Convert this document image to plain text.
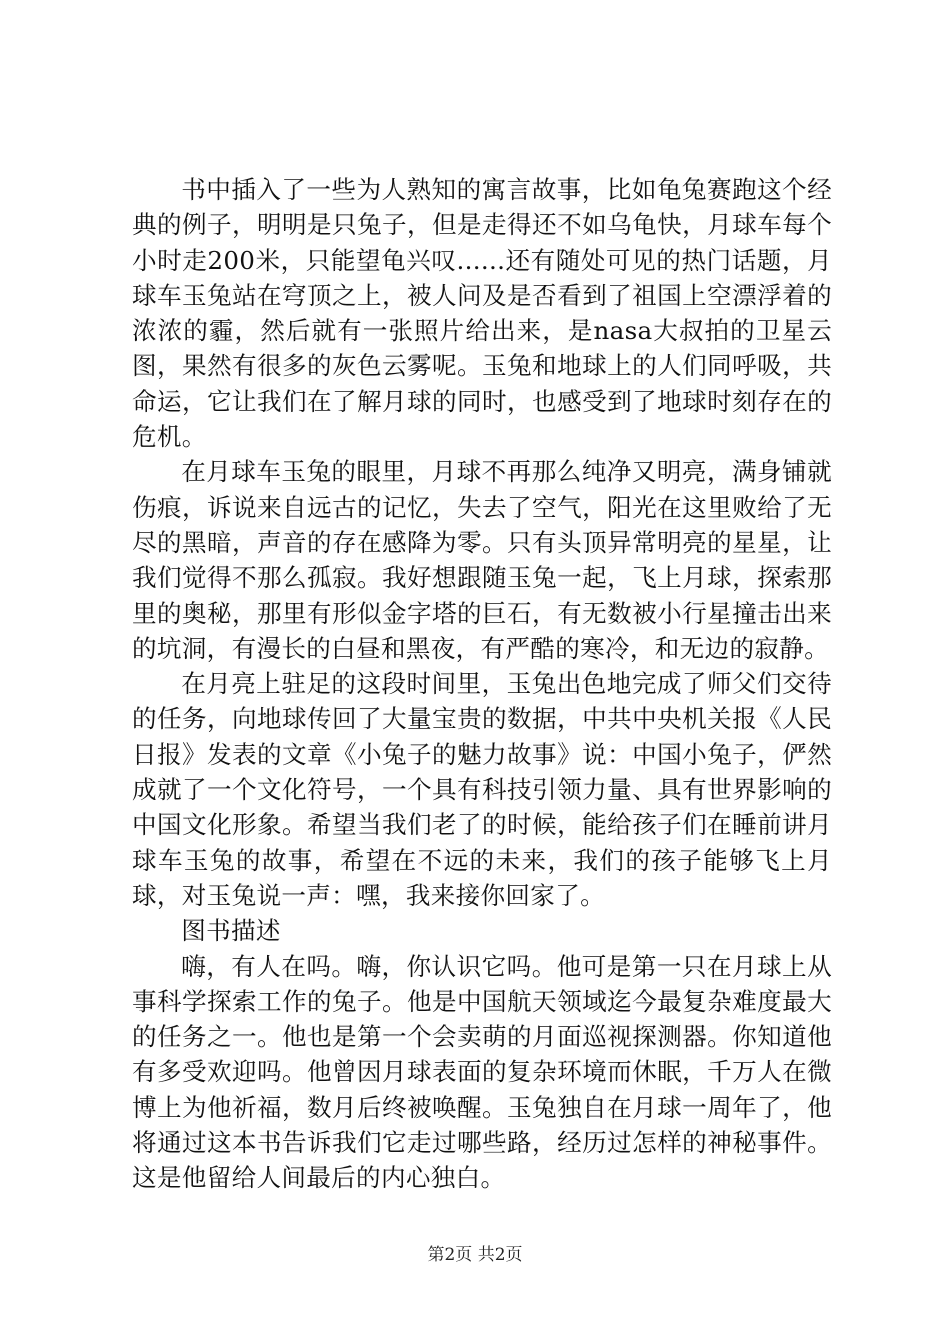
书中插入了一些为人熟知的寓言故事，比如龟兔赛跑这个经典的例子，明明是只兔子，但是走得还不如乌龟快，月球车每个小时走200米，只能望龟兴叹......还有随处可见的热门话题，月球车玉兔站在穹顶之上，被人问及是否看到了祖国上空漂浮着的浓浓的霾，然后就有一张照片给出来，是nasa大叔拍的卫星云图，果然有很多的灰色云雾呢。玉兔和地球上的人们同呼吸，共命运，它让我们在了解月球的同时，也感受到了地球时刻存在的危机。

在月球车玉兔的眼里，月球不再那么纯净又明亮，满身铺就伤痕，诉说来自远古的记忆，失去了空气，阳光在这里败给了无尽的黑暗，声音的存在感降为零。只有头顶异常明亮的星星，让我们觉得不那么孤寂。我好想跟随玉兔一起，飞上月球，探索那里的奥秘，那里有形似金字塔的巨石，有无数被小行星撞击出来的坑洞，有漫长的白昼和黑夜，有严酷的寒冷，和无边的寂静。

在月亮上驻足的这段时间里，玉兔出色地完成了师父们交待的任务，向地球传回了大量宝贵的数据，中共中央机关报《人民日报》发表的文章《小兔子的魅力故事》说：中国小兔子，俨然成就了一个文化符号，一个具有科技引领力量、具有世界影响的中国文化形象。希望当我们老了的时候，能给孩子们在睡前讲月球车玉兔的故事，希望在不远的未来，我们的孩子能够飞上月球，对玉兔说一声：嘿，我来接你回家了。

图书描述

嗨，有人在吗。嗨，你认识它吗。他可是第一只在月球上从事科学探索工作的兔子。他是中国航天领域迄今最复杂难度最大的任务之一。他也是第一个会卖萌的月面巡视探测器。你知道他有多受欢迎吗。他曾因月球表面的复杂环境而休眠，千万人在微博上为他祈福，数月后终被唤醒。玉兔独自在月球一周年了，他将通过这本书告诉我们它走过哪些路，经历过怎样的神秘事件。这是他留给人间最后的内心独白。

第2页 共2页
